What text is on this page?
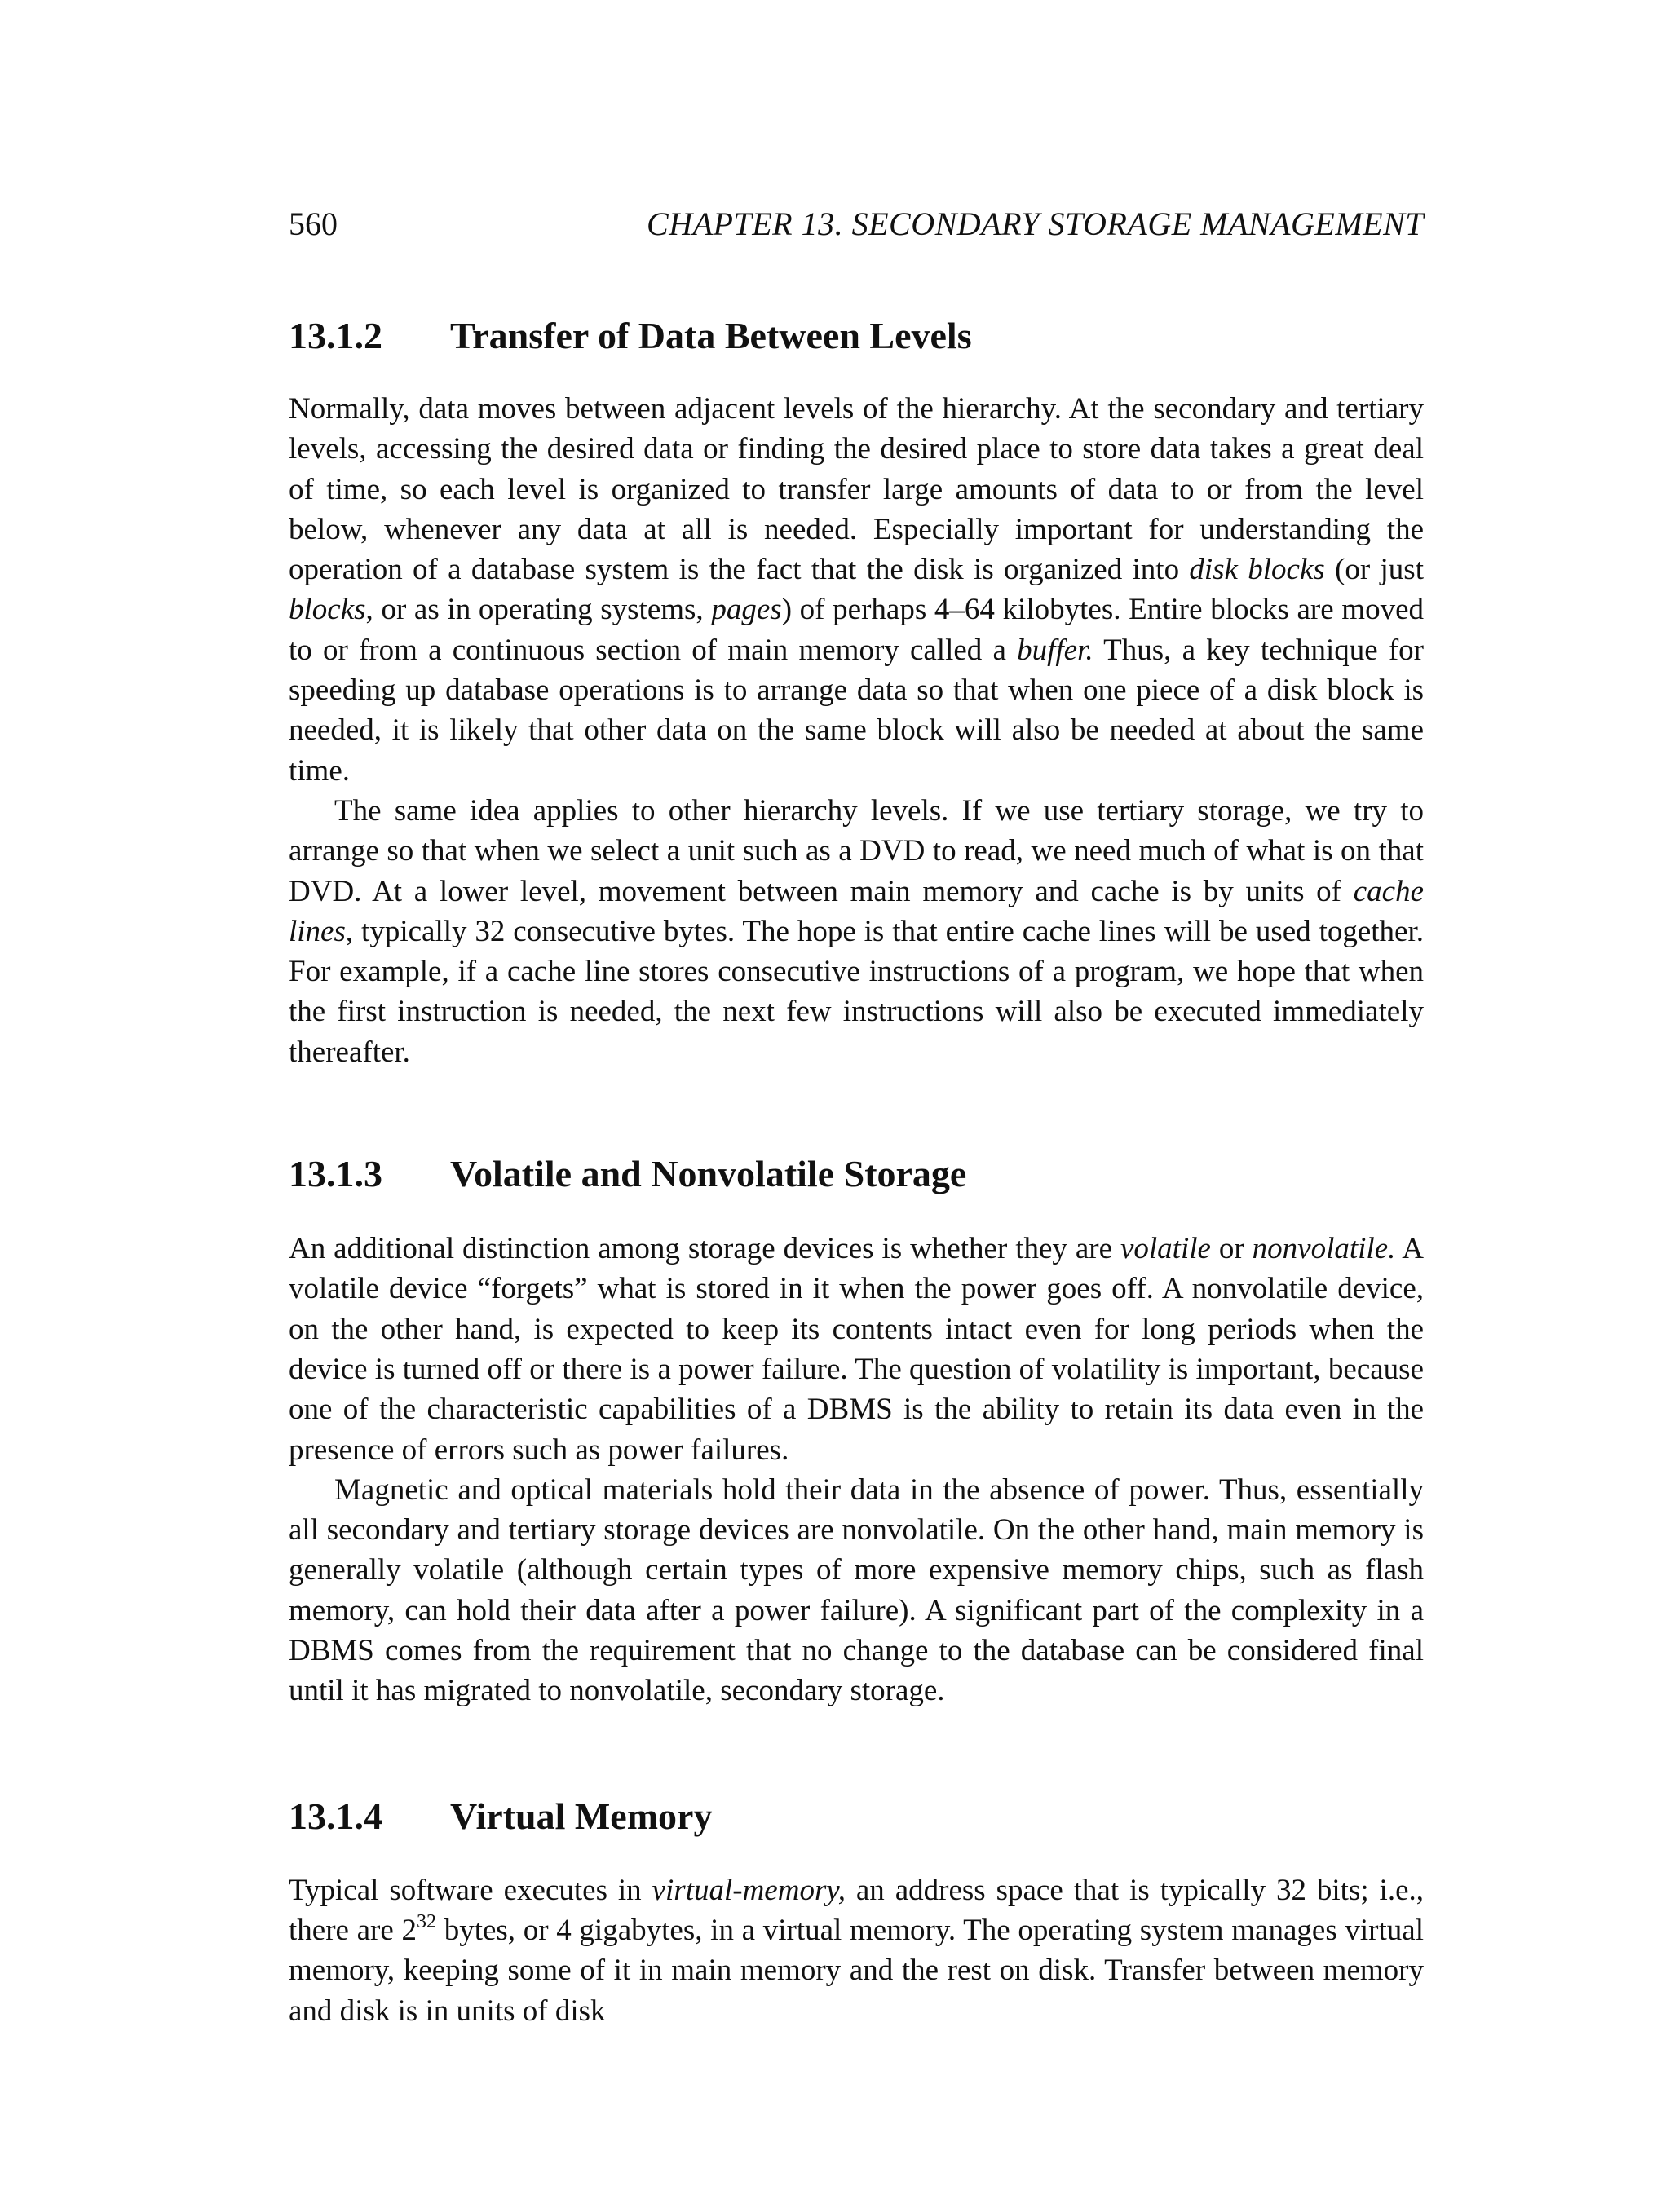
560	CHAPTER 13. SECONDARY STORAGE MANAGEMENT
13.1.2	Transfer of Data Between Levels

Normally, data moves between adjacent levels of the hierarchy. At the secondary and tertiary levels, accessing the desired data or finding the desired place to store data takes a great deal of time, so each level is organized to transfer large amounts of data to or from the level below, whenever any data at all is needed. Especially important for understanding the operation of a database system is the fact that the disk is organized into disk blocks (or just blocks, or as in operating systems, pages) of perhaps 4–64 kilobytes. Entire blocks are moved to or from a continuous section of main memory called a buffer. Thus, a key technique for speeding up database operations is to arrange data so that when one piece of a disk block is needed, it is likely that other data on the same block will also be needed at about the same time.

The same idea applies to other hierarchy levels. If we use tertiary storage, we try to arrange so that when we select a unit such as a DVD to read, we need much of what is on that DVD. At a lower level, movement between main memory and cache is by units of cache lines, typically 32 consecutive bytes. The hope is that entire cache lines will be used together. For example, if a cache line stores consecutive instructions of a program, we hope that when the first instruction is needed, the next few instructions will also be executed immediately thereafter.

13.1.3	Volatile and Nonvolatile Storage

An additional distinction among storage devices is whether they are volatile or nonvolatile. A volatile device “forgets” what is stored in it when the power goes off. A nonvolatile device, on the other hand, is expected to keep its contents intact even for long periods when the device is turned off or there is a power failure. The question of volatility is important, because one of the characteristic capabilities of a DBMS is the ability to retain its data even in the presence of errors such as power failures.

Magnetic and optical materials hold their data in the absence of power. Thus, essentially all secondary and tertiary storage devices are nonvolatile. On the other hand, main memory is generally volatile (although certain types of more expensive memory chips, such as flash memory, can hold their data after a power failure). A significant part of the complexity in a DBMS comes from the requirement that no change to the database can be considered final until it has migrated to nonvolatile, secondary storage.

13.1.4	Virtual Memory

Typical software executes in virtual-memory, an address space that is typically 32 bits; i.e., there are $2^{32}$ bytes, or 4 gigabytes, in a virtual memory. The operating system manages virtual memory, keeping some of it in main memory and the rest on disk. Transfer between memory and disk is in units of disk
